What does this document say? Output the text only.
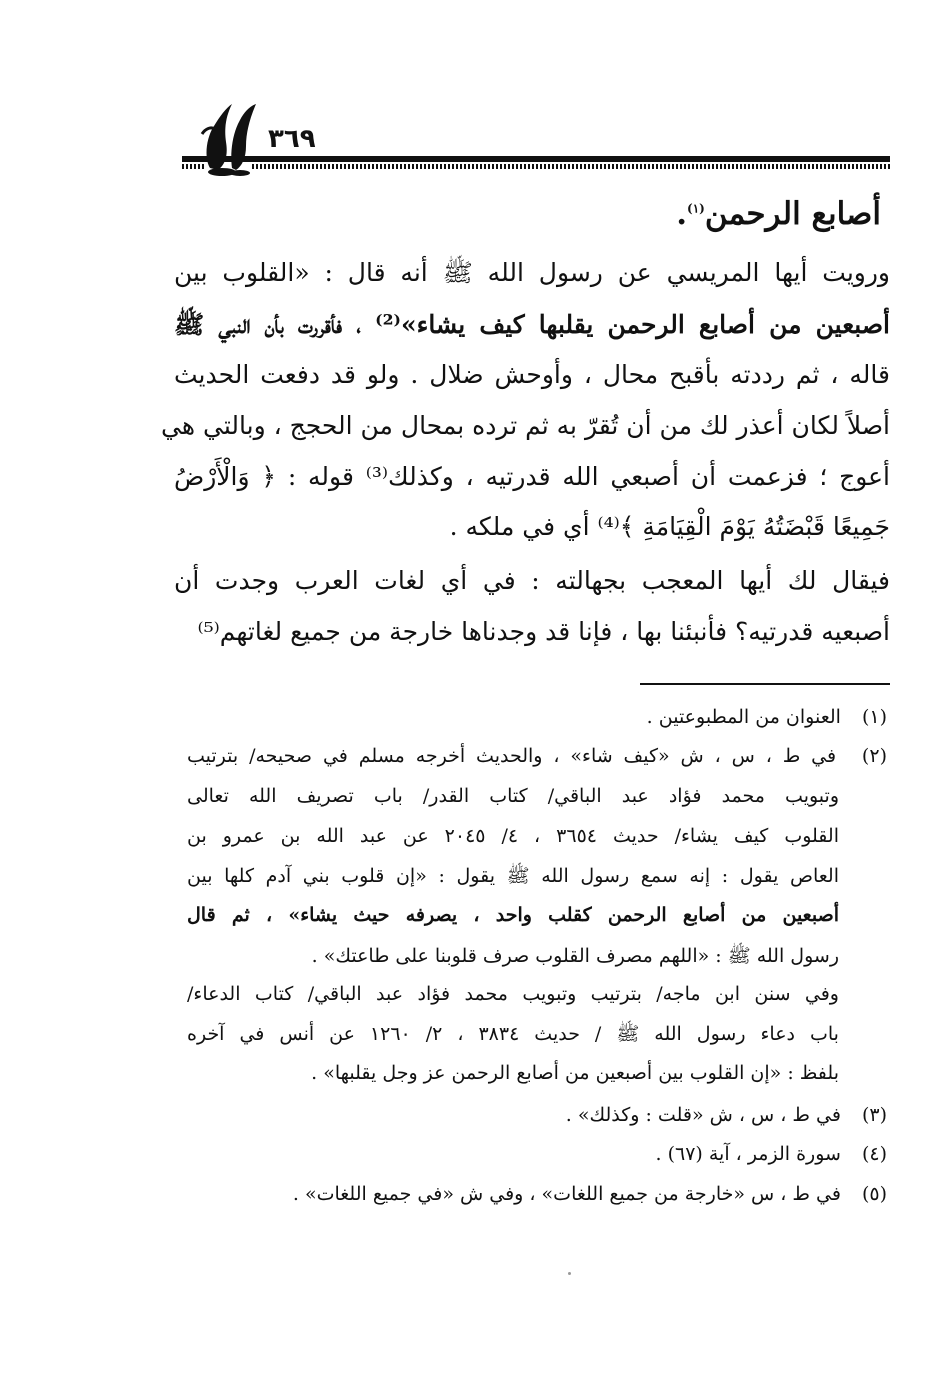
٣٦٩
أصابع الرحمن$^{(١)}$.
ورويت أيها المريسي عن رسول الله ﷺ أنه قال : «القلوب بين
أصبعين من أصابع الرحمن يقلبها كيف يشاء»⁽²⁾ ، فأقررت بأن النبي ﷺ
قاله ، ثم رددته بأقبح محال ، وأوحش ضلال . ولو قد دفعت الحديث
أصلاً لكان أعذر لك من أن تُقرّ به ثم ترده بمحال من الحجج ، وبالتي هي
أعوج ؛ فزعمت أن أصبعي الله قدرتيه ، وكذلك⁽³⁾ قوله : ﴿ وَالْأَرْضُ
جَمِيعًا قَبْضَتُهُ يَوْمَ الْقِيَامَةِ ﴾⁽⁴⁾ أي في ملكه .
فيقال لك أيها المعجب بجهالته : في أي لغات العرب وجدت أن
أصبعيه قدرتيه؟ فأنبئنا بها ، فإنا قد وجدناها خارجة من جميع لغاتهم⁽⁵⁾
(١) العنوان من المطبوعتين .
(٢) في ط ، س ، ش «كيف شاء» ، والحديث أخرجه مسلم في صحيحه/ بترتيب
وتبويب محمد فؤاد عبد الباقي/ كتاب القدر/ باب تصريف الله تعالى
القلوب كيف يشاء/ حديث ٣٦٥٤ ، ٤/ ٢٠٤٥ عن عبد الله بن عمرو بن
العاص يقول : إنه سمع رسول الله ﷺ يقول : «إن قلوب بني آدم كلها بين
أصبعين من أصابع الرحمن كقلب واحد ، يصرفه حيث يشاء» ، ثم قال
رسول الله ﷺ : «اللهم مصرف القلوب صرف قلوبنا على طاعتك» .
وفي سنن ابن ماجه/ بترتيب وتبويب محمد فؤاد عبد الباقي/ كتاب الدعاء/
باب دعاء رسول الله ﷺ / حديث ٣٨٣٤ ، ٢/ ١٢٦٠ عن أنس في آخره
بلفظ : «إن القلوب بين أصبعين من أصابع الرحمن عز وجل يقلبها» .
(٣) في ط ، س ، ش «قلت : وكذلك» .
(٤) سورة الزمر ، آية (٦٧) .
(٥) في ط ، س «خارجة من جميع اللغات» ، وفي ش «في جميع اللغات» .
